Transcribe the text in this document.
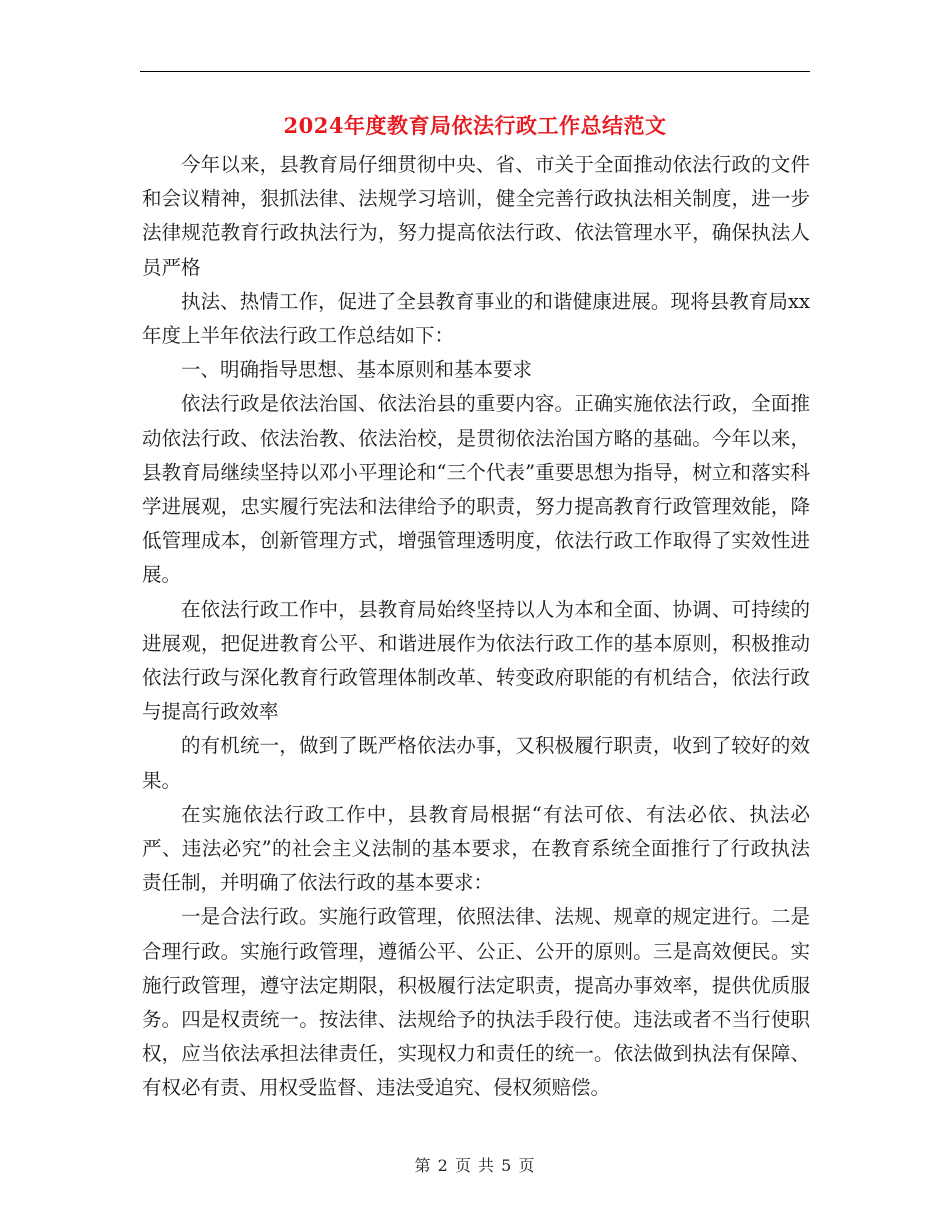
2024年度教育局依法行政工作总结范文

今年以来，县教育局仔细贯彻中央、省、市关于全面推动依法行政的文件和会议精神，狠抓法律、法规学习培训，健全完善行政执法相关制度，进一步法律规范教育行政执法行为，努力提高依法行政、依法管理水平，确保执法人员严格

执法、热情工作，促进了全县教育事业的和谐健康进展。现将县教育局xx年度上半年依法行政工作总结如下：

一、明确指导思想、基本原则和基本要求

依法行政是依法治国、依法治县的重要内容。正确实施依法行政，全面推动依法行政、依法治教、依法治校，是贯彻依法治国方略的基础。今年以来，县教育局继续坚持以邓小平理论和“三个代表”重要思想为指导，树立和落实科学进展观，忠实履行宪法和法律给予的职责，努力提高教育行政管理效能，降低管理成本，创新管理方式，增强管理透明度，依法行政工作取得了实效性进展。

在依法行政工作中，县教育局始终坚持以人为本和全面、协调、可持续的进展观，把促进教育公平、和谐进展作为依法行政工作的基本原则，积极推动依法行政与深化教育行政管理体制改革、转变政府职能的有机结合，依法行政与提高行政效率

的有机统一，做到了既严格依法办事，又积极履行职责，收到了较好的效果。

在实施依法行政工作中，县教育局根据“有法可依、有法必依、执法必严、违法必究”的社会主义法制的基本要求，在教育系统全面推行了行政执法责任制，并明确了依法行政的基本要求：

一是合法行政。实施行政管理，依照法律、法规、规章的规定进行。二是合理行政。实施行政管理，遵循公平、公正、公开的原则。三是高效便民。实施行政管理，遵守法定期限，积极履行法定职责，提高办事效率，提供优质服务。四是权责统一。按法律、法规给予的执法手段行使。违法或者不当行使职权，应当依法承担法律责任，实现权力和责任的统一。依法做到执法有保障、有权必有责、用权受监督、违法受追究、侵权须赔偿。

第 2 页 共 5 页
